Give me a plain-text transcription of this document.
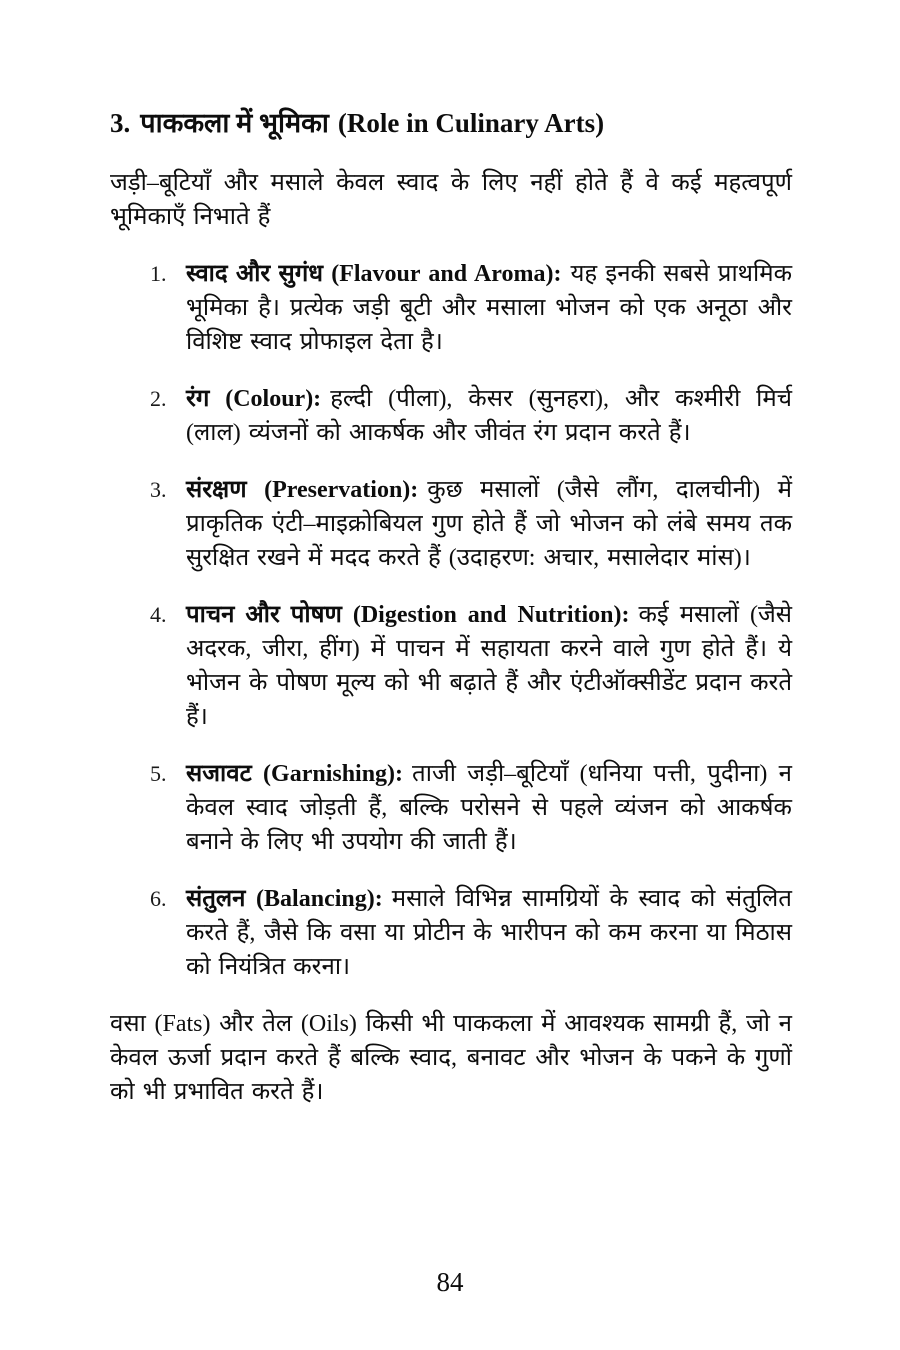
3. पाककला में भूमिका (Role in Culinary Arts)

जड़ी–बूटियाँ और मसाले केवल स्वाद के लिए नहीं होते हैं वे कई महत्वपूर्ण भूमिकाएँ निभाते हैं

1. स्वाद और सुगंध (Flavour and Aroma): यह इनकी सबसे प्राथमिक भूमिका है। प्रत्येक जड़ी बूटी और मसाला भोजन को एक अनूठा और विशिष्ट स्वाद प्रोफाइल देता है।
2. रंग (Colour): हल्दी (पीला), केसर (सुनहरा), और कश्मीरी मिर्च (लाल) व्यंजनों को आकर्षक और जीवंत रंग प्रदान करते हैं।
3. संरक्षण (Preservation): कुछ मसालों (जैसे लौंग, दालचीनी) में प्राकृतिक एंटी–माइक्रोबियल गुण होते हैं जो भोजन को लंबे समय तक सुरक्षित रखने में मदद करते हैं (उदाहरण: अचार, मसालेदार मांस)।
4. पाचन और पोषण (Digestion and Nutrition): कई मसालों (जैसे अदरक, जीरा, हींग) में पाचन में सहायता करने वाले गुण होते हैं। ये भोजन के पोषण मूल्य को भी बढ़ाते हैं और एंटीऑक्सीडेंट प्रदान करते हैं।
5. सजावट (Garnishing): ताजी जड़ी–बूटियाँ (धनिया पत्ती, पुदीना) न केवल स्वाद जोड़ती हैं, बल्कि परोसने से पहले व्यंजन को आकर्षक बनाने के लिए भी उपयोग की जाती हैं।
6. संतुलन (Balancing): मसाले विभिन्न सामग्रियों के स्वाद को संतुलित करते हैं, जैसे कि वसा या प्रोटीन के भारीपन को कम करना या मिठास को नियंत्रित करना।

वसा (Fats) और तेल (Oils) किसी भी पाककला में आवश्यक सामग्री हैं, जो न केवल ऊर्जा प्रदान करते हैं बल्कि स्वाद, बनावट और भोजन के पकने के गुणों को भी प्रभावित करते हैं।

84
